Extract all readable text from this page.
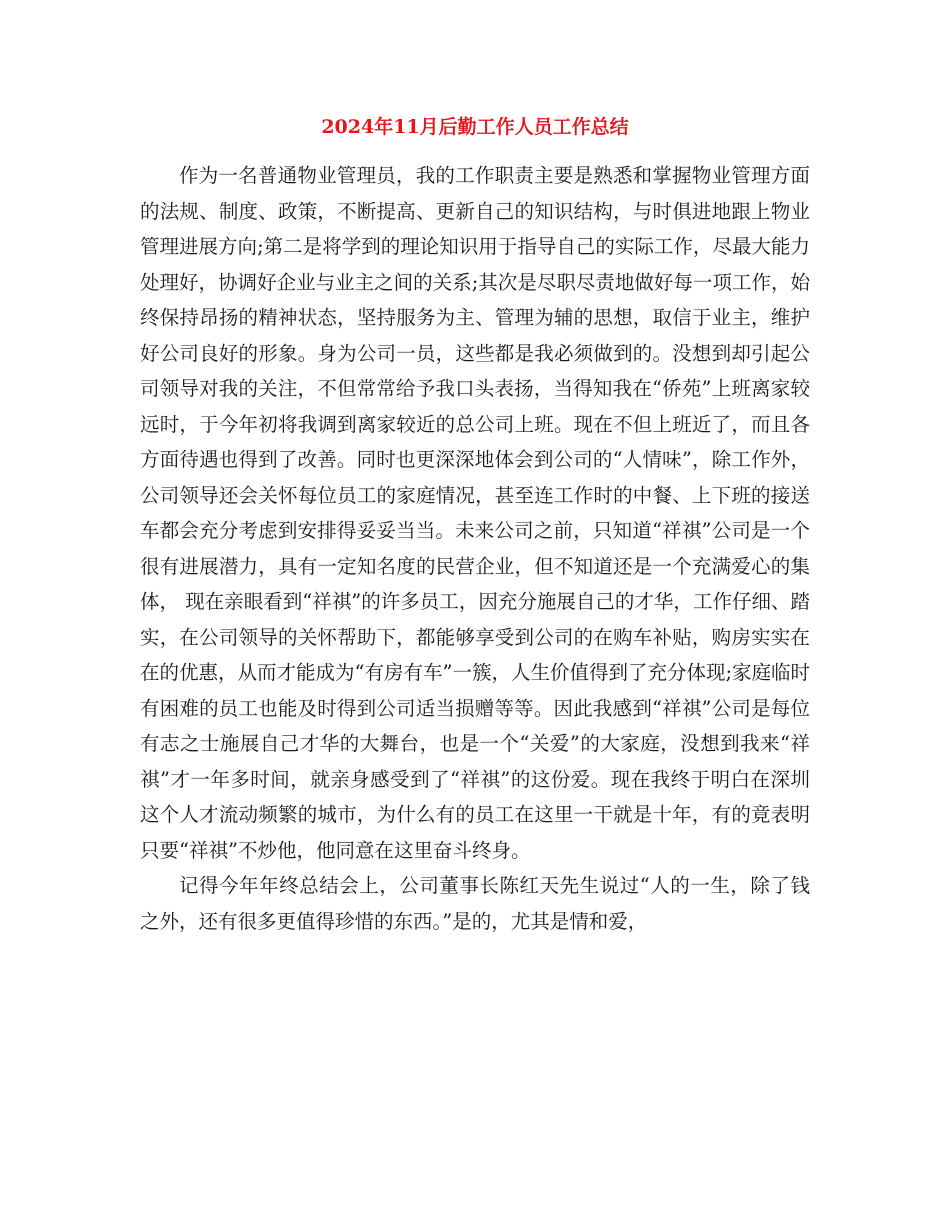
2024年11月后勤工作人员工作总结

作为一名普通物业管理员，我的工作职责主要是熟悉和掌握物业管理方面的法规、制度、政策，不断提高、更新自己的知识结构，与时俱进地跟上物业管理进展方向;第二是将学到的理论知识用于指导自己的实际工作，尽最大能力处理好，协调好企业与业主之间的关系;其次是尽职尽责地做好每一项工作，始终保持昂扬的精神状态，坚持服务为主、管理为辅的思想，取信于业主，维护好公司良好的形象。身为公司一员，这些都是我必须做到的。没想到却引起公司领导对我的关注，不但常常给予我口头表扬，当得知我在“侨苑”上班离家较远时，于今年初将我调到离家较近的总公司上班。现在不但上班近了，而且各方面待遇也得到了改善。同时也更深深地体会到公司的“人情味”，除工作外，公司领导还会关怀每位员工的家庭情况，甚至连工作时的中餐、上下班的接送车都会充分考虑到安排得妥妥当当。未来公司之前，只知道“祥祺”公司是一个很有进展潜力，具有一定知名度的民营企业，但不知道还是一个充满爱心的集体， 现在亲眼看到“祥祺”的许多员工，因充分施展自己的才华，工作仔细、踏实，在公司领导的关怀帮助下，都能够享受到公司的在购车补贴，购房实实在在的优惠，从而才能成为“有房有车”一簇，人生价值得到了充分体现;家庭临时有困难的员工也能及时得到公司适当损赠等等。因此我感到“祥祺”公司是每位有志之士施展自己才华的大舞台，也是一个“关爱”的大家庭，没想到我来“祥祺”才一年多时间，就亲身感受到了“祥祺”的这份爱。现在我终于明白在深圳这个人才流动频繁的城市，为什么有的员工在这里一干就是十年，有的竟表明只要“祥祺”不炒他，他同意在这里奋斗终身。

记得今年年终总结会上，公司董事长陈红天先生说过“人的一生，除了钱之外，还有很多更值得珍惜的东西。”是的，尤其是情和爱，
